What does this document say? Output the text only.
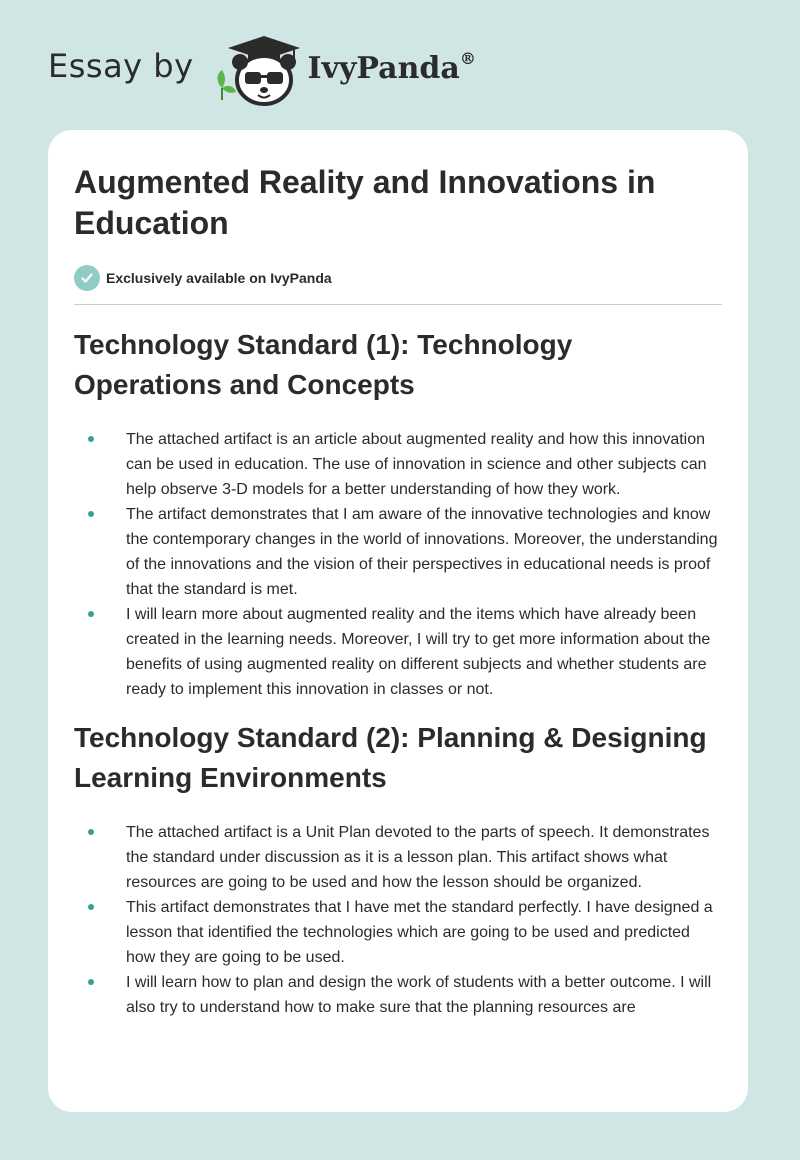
Essay by	IvyPanda®
Augmented Reality and Innovations in Education
Exclusively available on IvyPanda
Technology Standard (1): Technology Operations and Concepts
The attached artifact is an article about augmented reality and how this innovation can be used in education. The use of innovation in science and other subjects can help observe 3-D models for a better understanding of how they work.
The artifact demonstrates that I am aware of the innovative technologies and know the contemporary changes in the world of innovations. Moreover, the understanding of the innovations and the vision of their perspectives in educational needs is proof that the standard is met.
I will learn more about augmented reality and the items which have already been created in the learning needs. Moreover, I will try to get more information about the benefits of using augmented reality on different subjects and whether students are ready to implement this innovation in classes or not.
Technology Standard (2): Planning & Designing Learning Environments
The attached artifact is a Unit Plan devoted to the parts of speech. It demonstrates the standard under discussion as it is a lesson plan. This artifact shows what resources are going to be used and how the lesson should be organized.
This artifact demonstrates that I have met the standard perfectly. I have designed a lesson that identified the technologies which are going to be used and predicted how they are going to be used.
I will learn how to plan and design the work of students with a better outcome. I will also try to understand how to make sure that the planning resources are
